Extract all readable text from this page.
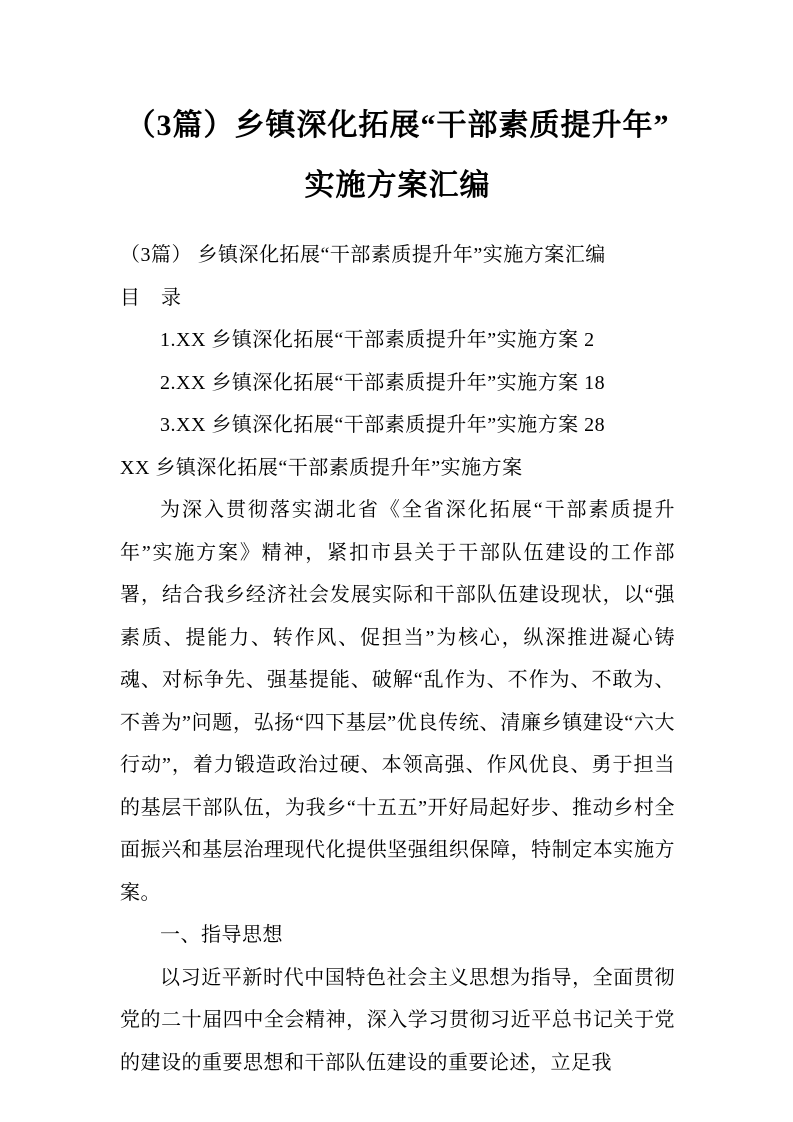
（3篇）乡镇深化拓展“干部素质提升年”
实施方案汇编

（3篇） 乡镇深化拓展“干部素质提升年”实施方案汇编

目　录

1.XX 乡镇深化拓展“干部素质提升年”实施方案 2

2.XX 乡镇深化拓展“干部素质提升年”实施方案 18

3.XX 乡镇深化拓展“干部素质提升年”实施方案 28

XX 乡镇深化拓展“干部素质提升年”实施方案

为深入贯彻落实湖北省《全省深化拓展“干部素质提升年”实施方案》精神，紧扣市县关于干部队伍建设的工作部署，结合我乡经济社会发展实际和干部队伍建设现状，以“强素质、提能力、转作风、促担当”为核心，纵深推进凝心铸魂、对标争先、强基提能、破解“乱作为、不作为、不敢为、不善为”问题，弘扬“四下基层”优良传统、清廉乡镇建设“六大行动”，着力锻造政治过硬、本领高强、作风优良、勇于担当的基层干部队伍，为我乡“十五五”开好局起好步、推动乡村全面振兴和基层治理现代化提供坚强组织保障，特制定本实施方案。

一、指导思想

以习近平新时代中国特色社会主义思想为指导，全面贯彻党的二十届四中全会精神，深入学习贯彻习近平总书记关于党的建设的重要思想和干部队伍建设的重要论述，立足我
